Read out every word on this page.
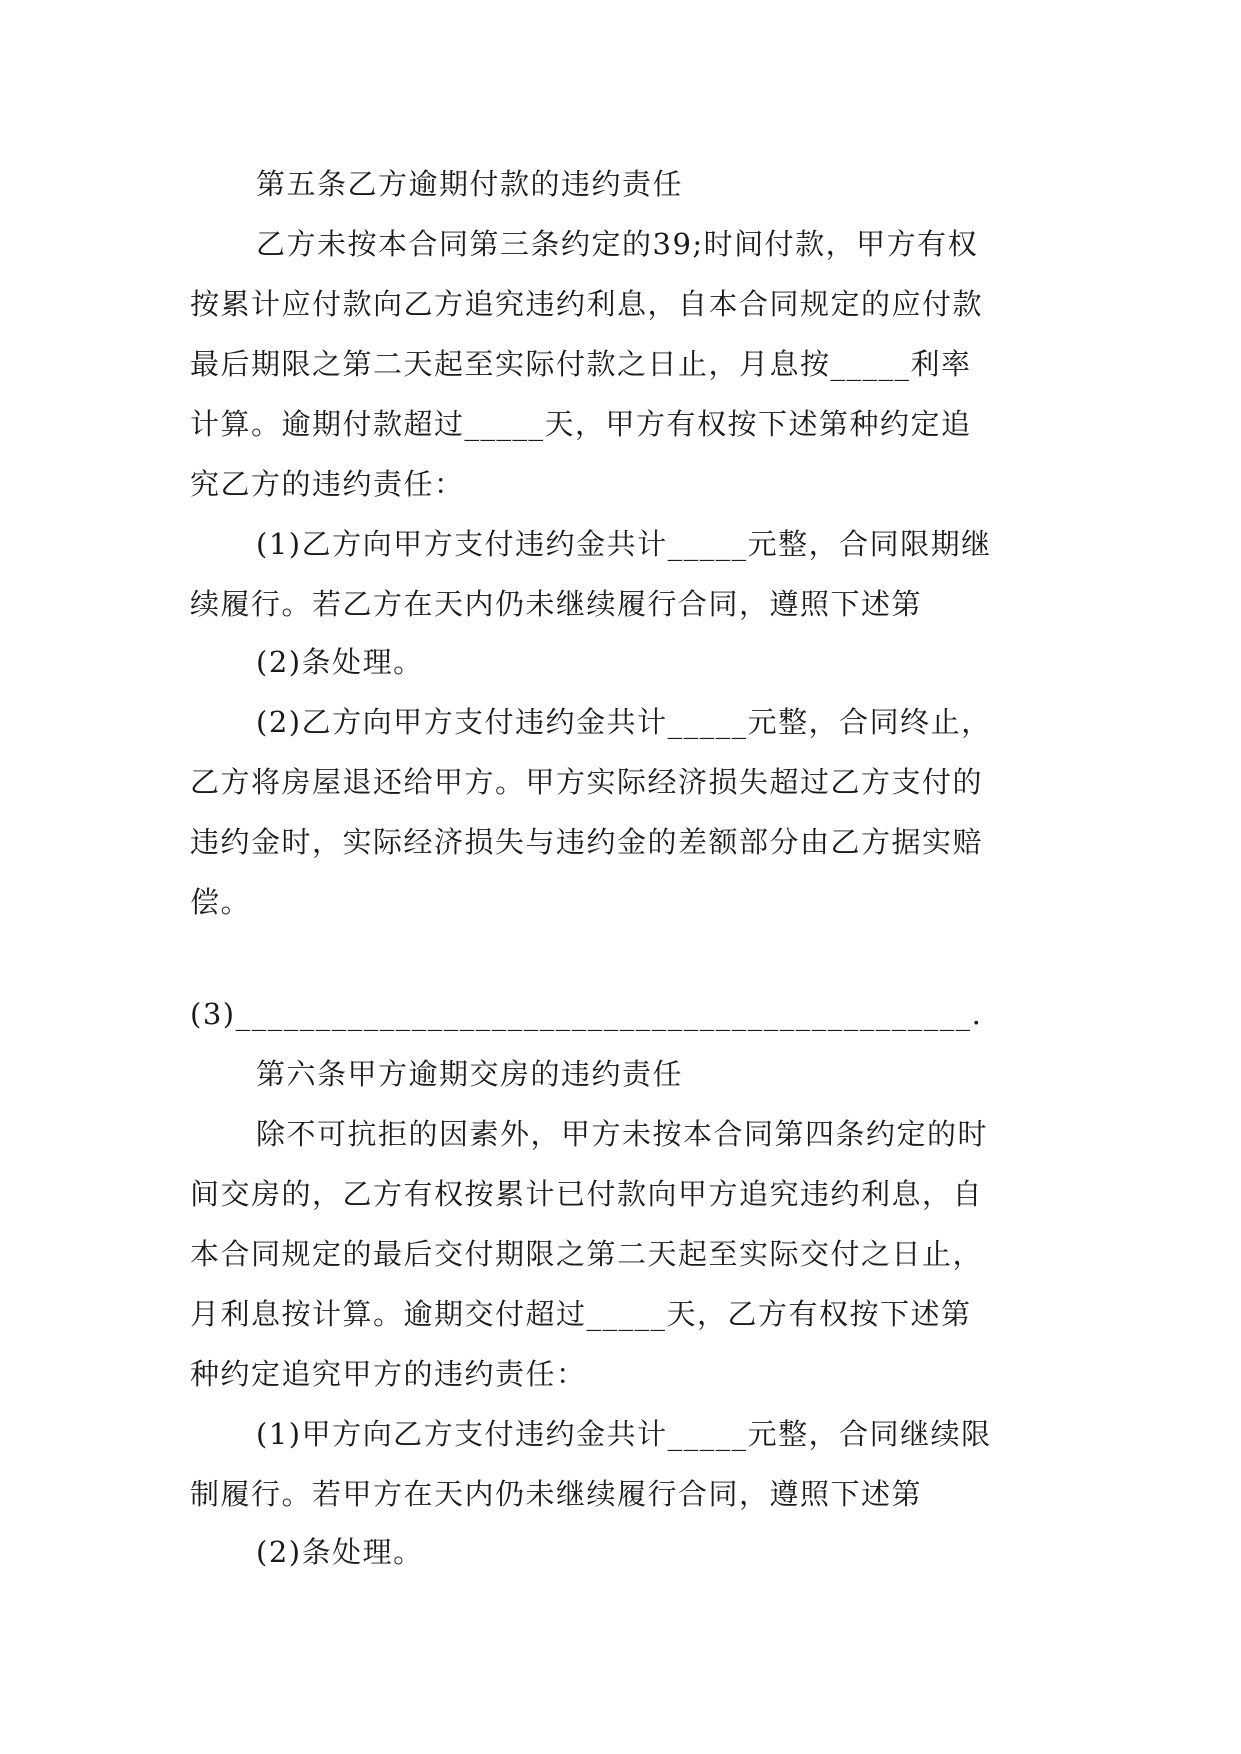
第五条乙方逾期付款的违约责任
乙方未按本合同第三条约定的39;时间付款，甲方有权
按累计应付款向乙方追究违约利息，自本合同规定的应付款
最后期限之第二天起至实际付款之日止，月息按_____利率
计算。逾期付款超过_____天，甲方有权按下述第种约定追
究乙方的违约责任：
(1)乙方向甲方支付违约金共计_____元整，合同限期继
续履行。若乙方在天内仍未继续履行合同，遵照下述第
(2)条处理。
(2)乙方向甲方支付违约金共计_____元整，合同终止，
乙方将房屋退还给甲方。甲方实际经济损失超过乙方支付的
违约金时，实际经济损失与违约金的差额部分由乙方据实赔
偿。
(3)______________________________________________.
第六条甲方逾期交房的违约责任
除不可抗拒的因素外，甲方未按本合同第四条约定的时
间交房的，乙方有权按累计已付款向甲方追究违约利息，自
本合同规定的最后交付期限之第二天起至实际交付之日止，
月利息按计算。逾期交付超过_____天，乙方有权按下述第
种约定追究甲方的违约责任：
(1)甲方向乙方支付违约金共计_____元整，合同继续限
制履行。若甲方在天内仍未继续履行合同，遵照下述第
(2)条处理。
